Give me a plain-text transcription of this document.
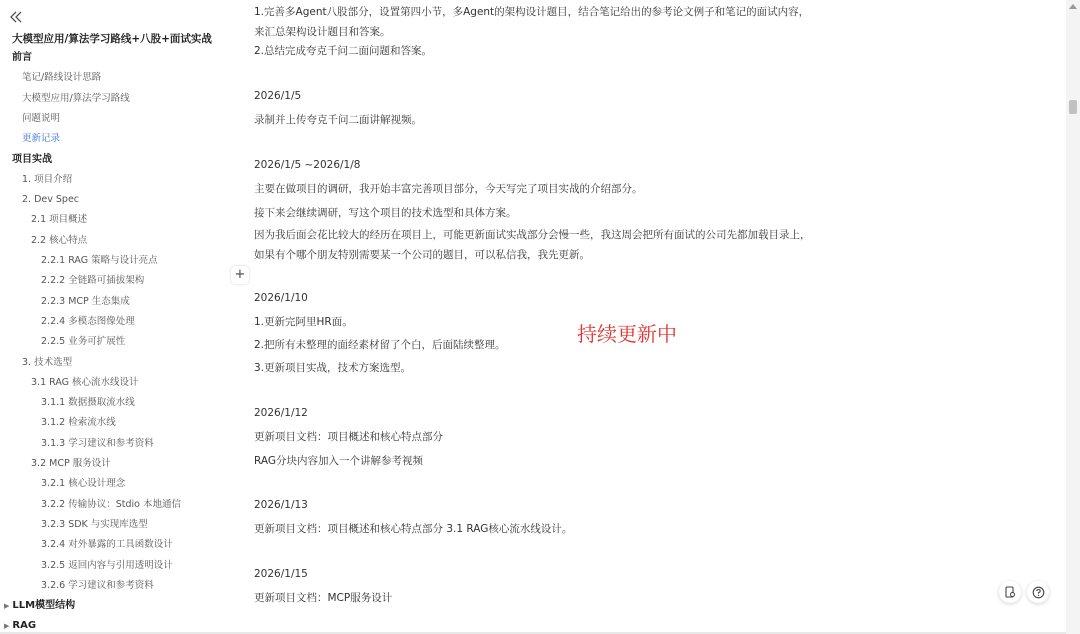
大模型应用/算法学习路线+八股+面试实战
前言
笔记/路线设计思路
大模型应用/算法学习路线
问题说明
更新记录
项目实战
1. 项目介绍
2. Dev Spec
2.1 项目概述
2.2 核心特点
2.2.1 RAG 策略与设计亮点
2.2.2 全链路可插拔架构
2.2.3 MCP 生态集成
2.2.4 多模态图像处理
2.2.5 业务可扩展性
3. 技术选型
3.1 RAG 核心流水线设计
3.1.1 数据摄取流水线
3.1.2 检索流水线
3.1.3 学习建议和参考资料
3.2 MCP 服务设计
3.2.1 核心设计理念
3.2.2 传输协议：Stdio 本地通信
3.2.3 SDK 与实现库选型
3.2.4 对外暴露的工具函数设计
3.2.5 返回内容与引用透明设计
3.2.6 学习建议和参考资料
▶ LLM模型结构
▶ RAG
+
1.完善多Agent八股部分，设置第四小节，多Agent的架构设计题目，结合笔记给出的参考论文例子和笔记的面试内容，来汇总架构设计题目和答案。
2.总结完成夸克千问二面问题和答案。
2026/1/5
录制并上传夸克千问二面讲解视频。
2026/1/5 ~2026/1/8
主要在做项目的调研，我开始丰富完善项目部分，今天写完了项目实战的介绍部分。
接下来会继续调研，写这个项目的技术选型和具体方案。
因为我后面会花比较大的经历在项目上，可能更新面试实战部分会慢一些，我这周会把所有面试的公司先都加载目录上，如果有个哪个朋友特别需要某一个公司的题目，可以私信我，我先更新。
2026/1/10
1.更新完阿里HR面。
2.把所有未整理的面经素材留了个白，后面陆续整理。
3.更新项目实战，技术方案选型。
持续更新中
2026/1/12
更新项目文档：项目概述和核心特点部分
RAG分块内容加入一个讲解参考视频
2026/1/13
更新项目文档：项目概述和核心特点部分 3.1 RAG核心流水线设计。
2026/1/15
更新项目文档：MCP服务设计
